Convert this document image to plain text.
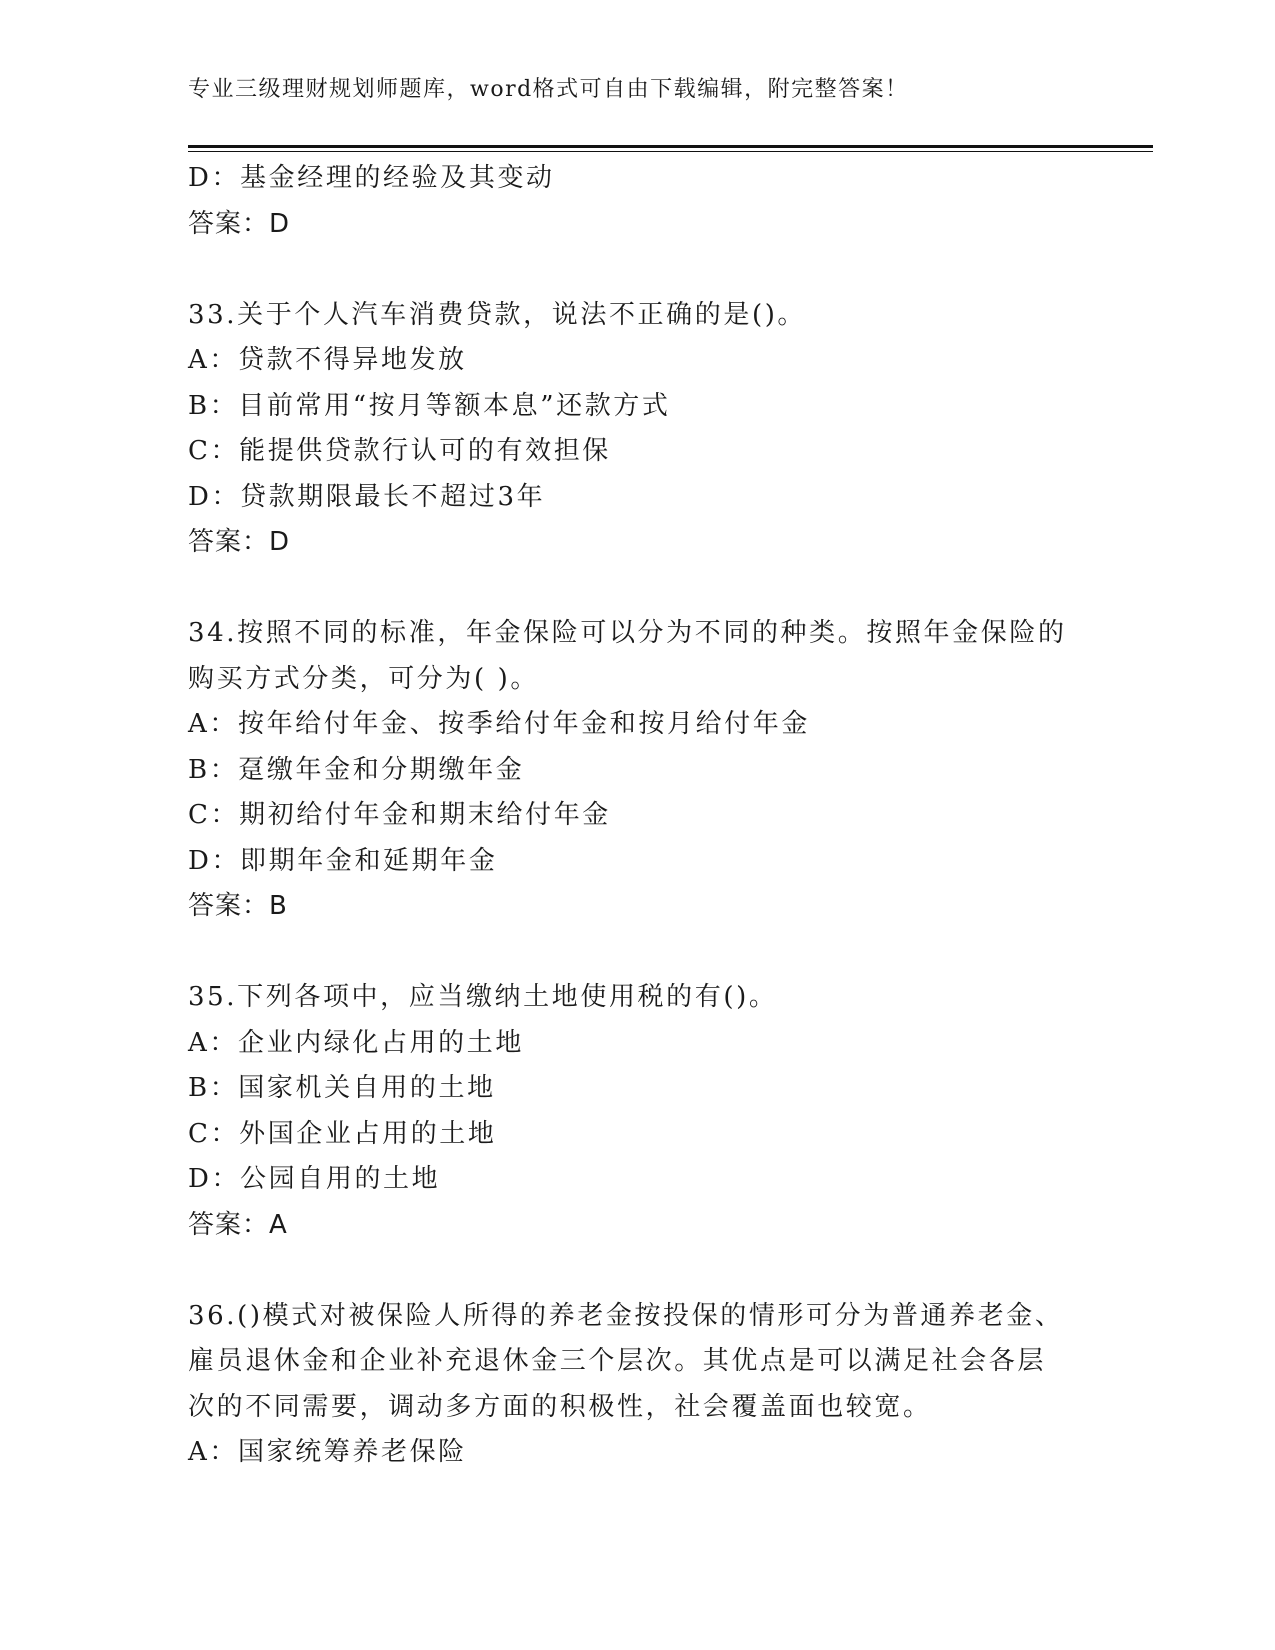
专业三级理财规划师题库，word格式可自由下载编辑，附完整答案！
D：基金经理的经验及其变动
答案：D
33.关于个人汽车消费贷款，说法不正确的是()。
A：贷款不得异地发放
B：目前常用“按月等额本息”还款方式
C：能提供贷款行认可的有效担保
D：贷款期限最长不超过3年
答案：D
34.按照不同的标准，年金保险可以分为不同的种类。按照年金保险的
购买方式分类，可分为( )。
A：按年给付年金、按季给付年金和按月给付年金
B：趸缴年金和分期缴年金
C：期初给付年金和期末给付年金
D：即期年金和延期年金
答案：B
35.下列各项中，应当缴纳土地使用税的有()。
A：企业内绿化占用的土地
B：国家机关自用的土地
C：外国企业占用的土地
D：公园自用的土地
答案：A
36.()模式对被保险人所得的养老金按投保的情形可分为普通养老金、
雇员退休金和企业补充退休金三个层次。其优点是可以满足社会各层
次的不同需要，调动多方面的积极性，社会覆盖面也较宽。
A：国家统筹养老保险
